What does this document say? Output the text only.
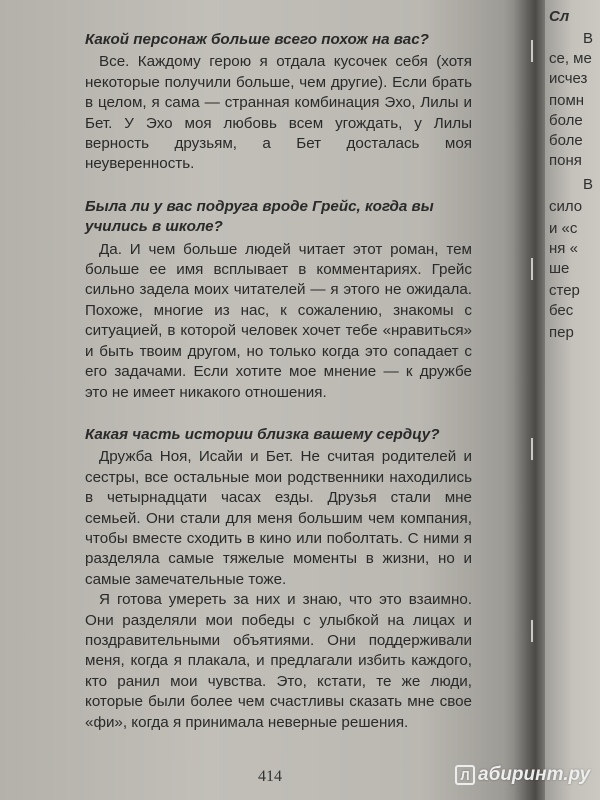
Какой персонаж больше всего похож на вас?

Все. Каждому герою я отдала кусочек себя (хотя некоторые получили больше, чем другие). Если брать в целом, я сама — странная комбинация Эхо, Лилы и Бет. У Эхо моя любовь всем угождать, у Лилы верность друзьям, а Бет досталась моя неуверенность.

Была ли у вас подруга вроде Грейс, когда вы учились в школе?

Да. И чем больше людей читает этот роман, тем больше ее имя всплывает в комментариях. Грейс сильно задела моих читателей — я этого не ожидала. Похоже, многие из нас, к сожалению, знакомы с ситуацией, в которой человек хочет тебе «нравиться» и быть твоим другом, но только когда это сопадает с его задачами. Если хотите мое мнение — к дружбе это не имеет никакого отношения.

Какая часть истории близка вашему сердцу?

Дружба Ноя, Исайи и Бет. Не считая родителей и сестры, все остальные мои родственники находились в четырнадцати часах езды. Друзья стали мне семьей. Они стали для меня большим чем компания, чтобы вместе сходить в кино или поболтать. С ними я разделяла самые тяжелые моменты в жизни, но и самые замечательные тоже.

Я готова умереть за них и знаю, что это взаимно. Они разделяли мои победы с улыбкой на лицах и поздравительными объятиями. Они поддерживали меня, когда я плакала, и предлагали избить каждого, кто ранил мои чувства. Это, кстати, те же люди, которые были более чем счастливы сказать мне свое «фи», когда я принимала неверные решения.

414
Сл
В
се, ме
исчез
помн
боле
боле
поня
В
сило
и «с
ня «
ше
стер
бес
пер
Л абиринт.ру
